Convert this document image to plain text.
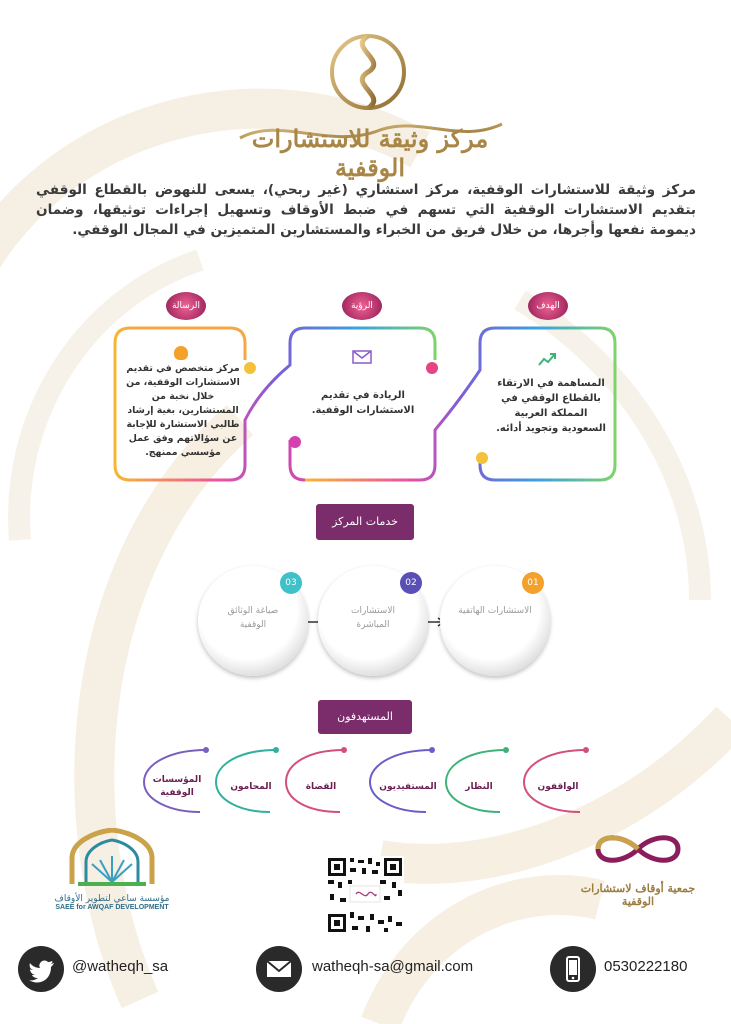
مركز وثيقة للاستشارات الوقفية
مركز وثيقة للاستشارات الوقفية، مركز استشاري (غير ربحي)، يسعى للنهوض بالقطاع الوقفي بتقديم الاستشارات الوقفية التي تسهم في ضبط الأوقاف وتسهيل إجراءات توثيقها، وضمان ديمومة نفعها وأجرها، من خلال فريق من الخبراء والمستشارين المتميزين في المجال الوقفي.
الرسالة
مركز متخصص في تقديم الاستشارات الوقفية، من خلال نخبة من المستشارين، بغية إرشاد طالبي الاستشارة للإجابة عن سؤالاتهم وفق عمل مؤسسي ممنهج.
الرؤية
الريادة في تقديم الاستشارات الوقفية.
الهدف
المساهمة في الارتقاء بالقطاع الوقفي في المملكة العربية السعودية وتجويد أدائه.
خدمات المركز
03
صياغة الوثائق الوقفية
02
الاستشارات المباشرة
01
الاستشارات الهاتفية
المستهدفون
المؤسسات الوقفية
المحامون	القضاة	المستفيديون	النظار	الواقفون
مؤسسة ساعي لتطوير الأوقاف
SAEE for AWQAF DEVELOPMENT
جمعية أوقاف لاستشارات الوقفية
@watheqh_sa	watheqh-sa@gmail.com	0530222180
